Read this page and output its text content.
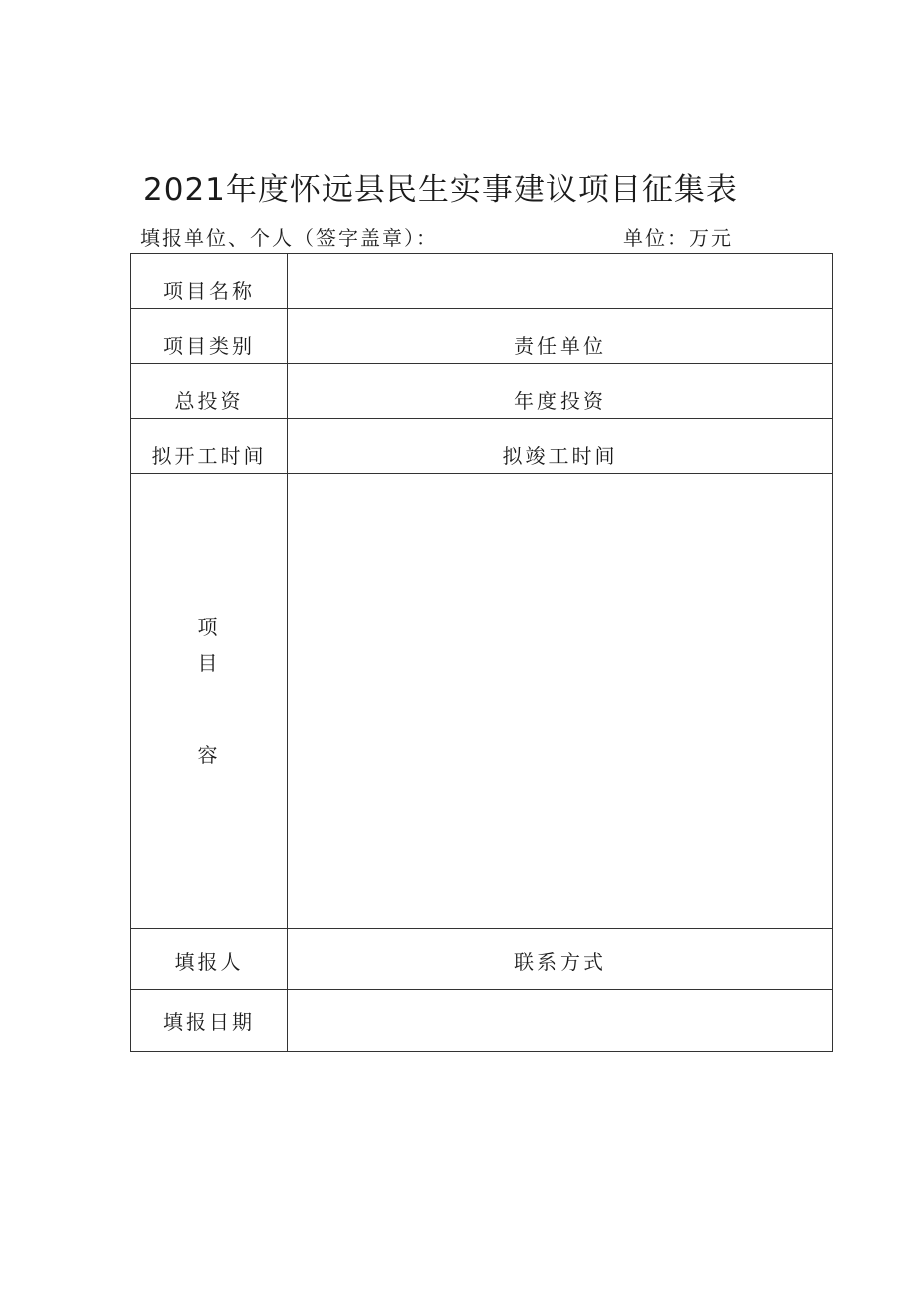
2021年度怀远县民生实事建议项目征集表
填报单位、个人（签字盖章）：	单位：万元
项目名称	
项目类别	责任单位

总投资	年度投资

拟开工时间	拟竣工时间

项
目
容	

填报人	联系方式

填报日期	
